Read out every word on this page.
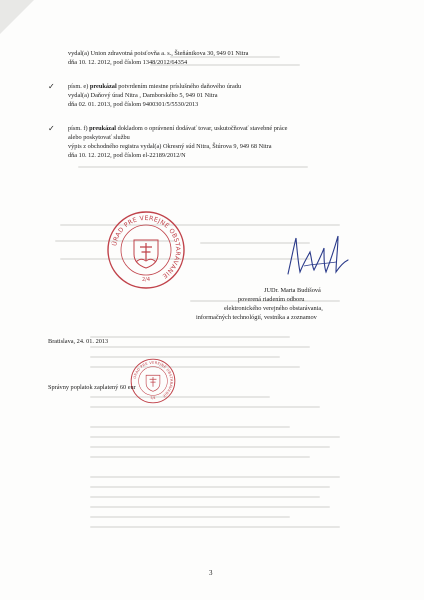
vydal(a) Union zdravotná poisťovňa a. s., Šteňánikova 30, 949 01 Nitra
dňa 10. 12. 2012, pod číslom 1348/2012/64354
✓ písm. e) preukázal potvrdením miestne príslušného daňového úradu
vydal(a) Daňový úrad Nitra , Damborského 5, 949 01 Nitra
dňa 02. 01. 2013, pod číslom 9400301/5/5530/2013
✓ písm. f) preukázal dokladom o oprávnení dodávať tovar, uskutočňovať stavebné práce
alebo poskytovať službu
výpis z obchodného registra vydal(a) Okresný súd Nitra, Štúrova 9, 949 68 Nitra
dňa 10. 12. 2012, pod číslom el-22189/2012/N
ÚRAD PRE VEREJNÉ OBSTARÁVANIE
2/4
JUDr. Marta Budišová
poverená riadením odboru
elektronického verejného obstarávania,
informačných technológií, vestníka a zoznamov
Bratislava, 24. 01. 2013
ÚRAD PRE VEREJNÉ OBSTARÁVANIE
5/4
Správny poplatok zaplatený 60 eur
3
